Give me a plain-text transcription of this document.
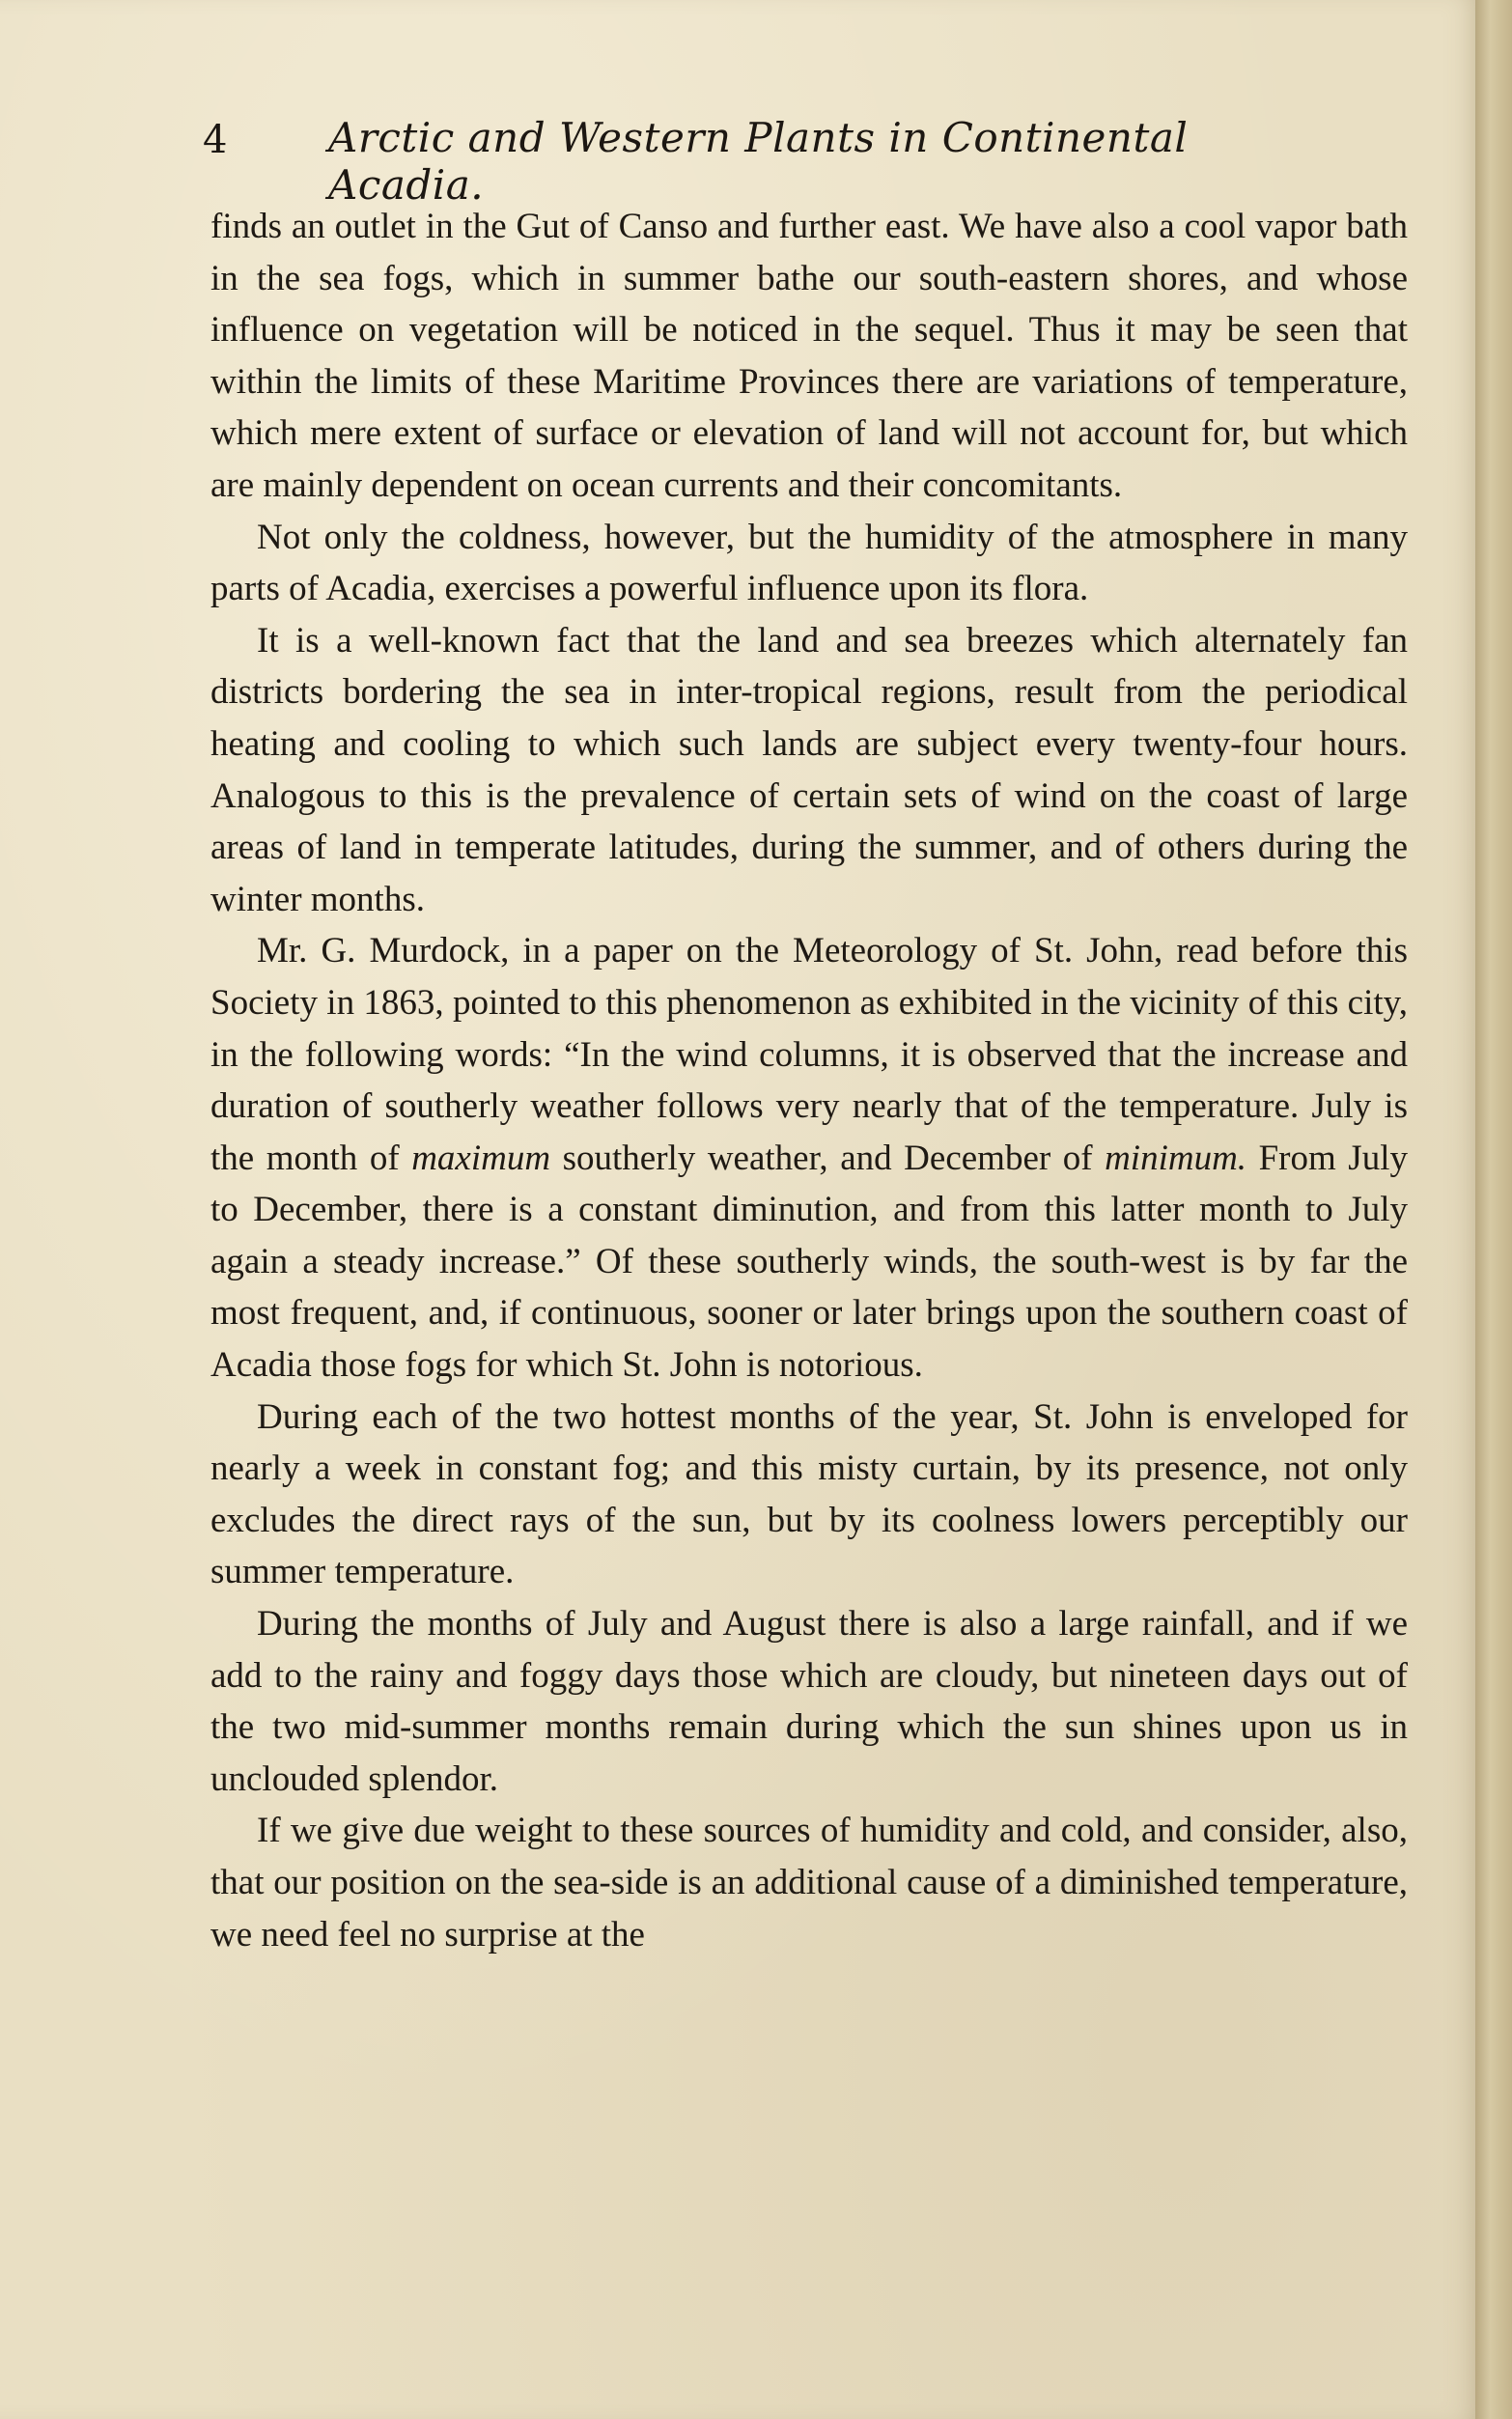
4 Arctic and Western Plants in Continental Acadia.

finds an outlet in the Gut of Canso and further east. We have also a cool vapor bath in the sea fogs, which in summer bathe our south-eastern shores, and whose influence on vegetation will be noticed in the sequel. Thus it may be seen that within the limits of these Maritime Provinces there are variations of temperature, which mere extent of surface or elevation of land will not account for, but which are mainly dependent on ocean currents and their concomitants.

Not only the coldness, however, but the humidity of the atmosphere in many parts of Acadia, exercises a powerful influence upon its flora.

It is a well-known fact that the land and sea breezes which alternately fan districts bordering the sea in inter-tropical regions, result from the periodical heating and cooling to which such lands are subject every twenty-four hours. Analogous to this is the prevalence of certain sets of wind on the coast of large areas of land in temperate latitudes, during the summer, and of others during the winter months.

Mr. G. Murdock, in a paper on the Meteorology of St. John, read before this Society in 1863, pointed to this phenomenon as exhibited in the vicinity of this city, in the following words: “In the wind columns, it is observed that the increase and duration of southerly weather follows very nearly that of the temperature. July is the month of maximum southerly weather, and December of minimum. From July to December, there is a constant diminution, and from this latter month to July again a steady increase.” Of these southerly winds, the south-west is by far the most frequent, and, if continuous, sooner or later brings upon the southern coast of Acadia those fogs for which St. John is notorious.

During each of the two hottest months of the year, St. John is enveloped for nearly a week in constant fog; and this misty curtain, by its presence, not only excludes the direct rays of the sun, but by its coolness lowers perceptibly our summer temperature.

During the months of July and August there is also a large rainfall, and if we add to the rainy and foggy days those which are cloudy, but nineteen days out of the two mid-summer months remain during which the sun shines upon us in unclouded splendor.

If we give due weight to these sources of humidity and cold, and consider, also, that our position on the sea-side is an additional cause of a diminished temperature, we need feel no surprise at the
